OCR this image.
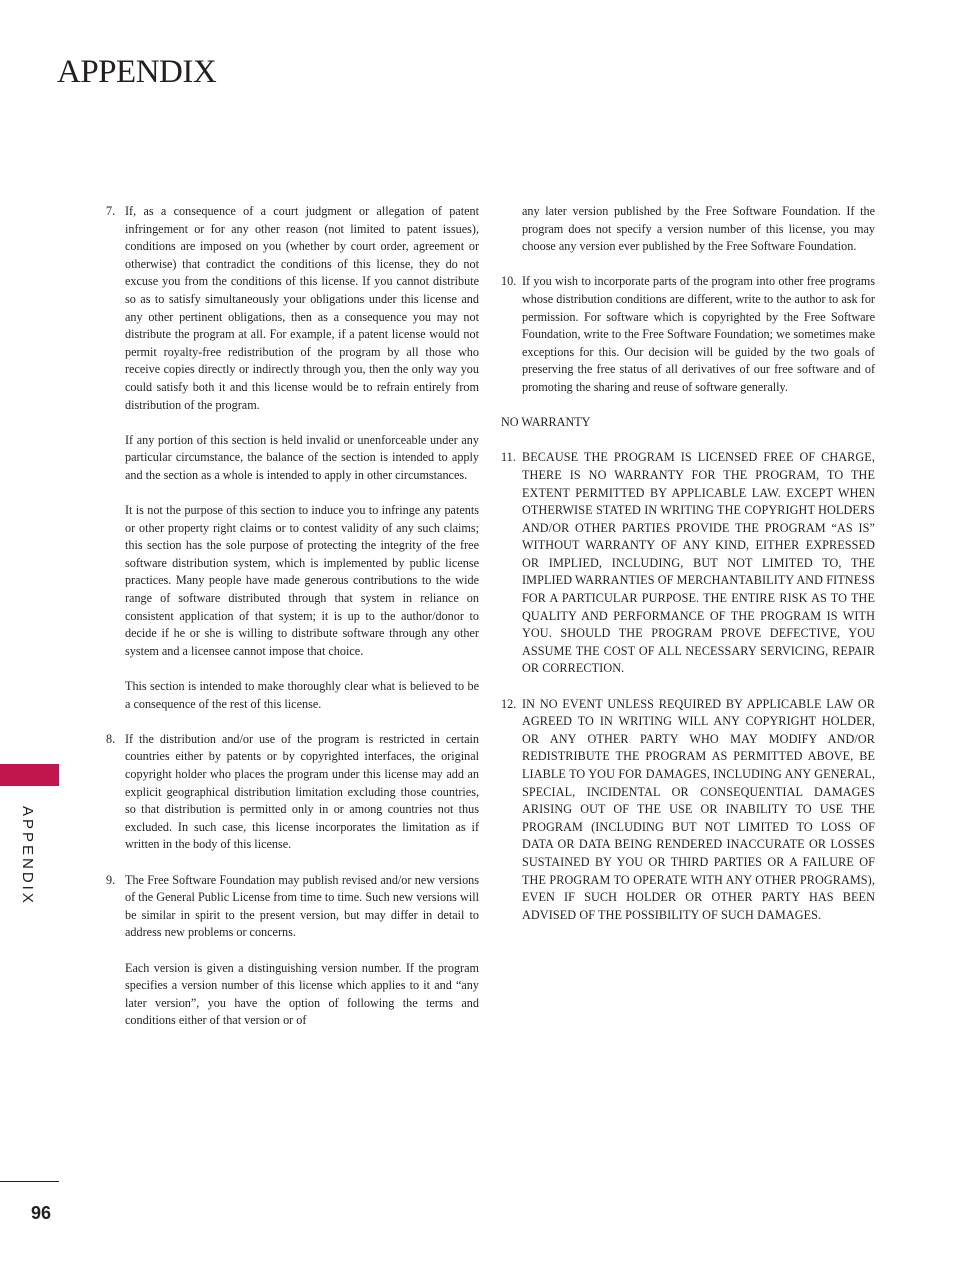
APPENDIX
APPENDIX
96
7. If, as a consequence of a court judgment or allegation of patent infringement or for any other reason (not limited to patent issues), conditions are imposed on you (whether by court order, agreement or otherwise) that contradict the conditions of this license, they do not excuse you from the conditions of this license. If you cannot distribute so as to satisfy simultaneously your obligations under this license and any other pertinent obligations, then as a consequence you may not distribute the program at all. For example, if a patent license would not permit royalty-free redistribution of the program by all those who receive copies directly or indirectly through you, then the only way you could satisfy both it and this license would be to refrain entirely from distribution of the program.

If any portion of this section is held invalid or unenforceable under any particular circumstance, the balance of the section is intended to apply and the section as a whole is intended to apply in other circumstances.

It is not the purpose of this section to induce you to infringe any patents or other property right claims or to contest validity of any such claims; this section has the sole purpose of protecting the integrity of the free software distribution system, which is implemented by public license practices. Many people have made generous contributions to the wide range of software distributed through that system in reliance on consistent application of that system; it is up to the author/donor to decide if he or she is willing to distribute software through any other system and a licensee cannot impose that choice.

This section is intended to make thoroughly clear what is believed to be a consequence of the rest of this license.

8. If the distribution and/or use of the program is restricted in certain countries either by patents or by copyrighted interfaces, the original copyright holder who places the program under this license may add an explicit geographical distribution limitation excluding those countries, so that distribution is permitted only in or among countries not thus excluded. In such case, this license incorporates the limitation as if written in the body of this license.

9. The Free Software Foundation may publish revised and/or new versions of the General Public License from time to time. Such new versions will be similar in spirit to the present version, but may differ in detail to address new problems or concerns.

Each version is given a distinguishing version number. If the program specifies a version number of this license which applies to it and “any later version”, you have the option of following the terms and conditions either of that version or of

any later version published by the Free Software Foundation. If the program does not specify a version number of this license, you may choose any version ever published by the Free Software Foundation.

10. If you wish to incorporate parts of the program into other free programs whose distribution conditions are different, write to the author to ask for permission. For software which is copyrighted by the Free Software Foundation, write to the Free Software Foundation; we sometimes make exceptions for this. Our decision will be guided by the two goals of preserving the free status of all derivatives of our free software and of promoting the sharing and reuse of software generally.

NO WARRANTY

11. BECAUSE THE PROGRAM IS LICENSED FREE OF CHARGE, THERE IS NO WARRANTY FOR THE PROGRAM, TO THE EXTENT PERMITTED BY APPLICABLE LAW. EXCEPT WHEN OTHERWISE STATED IN WRITING THE COPYRIGHT HOLDERS AND/OR OTHER PARTIES PROVIDE THE PROGRAM “AS IS” WITHOUT WARRANTY OF ANY KIND, EITHER EXPRESSED OR IMPLIED, INCLUDING, BUT NOT LIMITED TO, THE IMPLIED WARRANTIES OF MERCHANTABILITY AND FITNESS FOR A PARTICULAR PURPOSE. THE ENTIRE RISK AS TO THE QUALITY AND PERFORMANCE OF THE PROGRAM IS WITH YOU. SHOULD THE PROGRAM PROVE DEFECTIVE, YOU ASSUME THE COST OF ALL NECESSARY SERVICING, REPAIR OR CORRECTION.

12. IN NO EVENT UNLESS REQUIRED BY APPLICABLE LAW OR AGREED TO IN WRITING WILL ANY COPYRIGHT HOLDER, OR ANY OTHER PARTY WHO MAY MODIFY AND/OR REDISTRIBUTE THE PROGRAM AS PERMITTED ABOVE, BE LIABLE TO YOU FOR DAMAGES, INCLUDING ANY GENERAL, SPECIAL, INCIDENTAL OR CONSEQUENTIAL DAMAGES ARISING OUT OF THE USE OR INABILITY TO USE THE PROGRAM (INCLUDING BUT NOT LIMITED TO LOSS OF DATA OR DATA BEING RENDERED INACCURATE OR LOSSES SUSTAINED BY YOU OR THIRD PARTIES OR A FAILURE OF THE PROGRAM TO OPERATE WITH ANY OTHER PROGRAMS), EVEN IF SUCH HOLDER OR OTHER PARTY HAS BEEN ADVISED OF THE POSSIBILITY OF SUCH DAMAGES.
